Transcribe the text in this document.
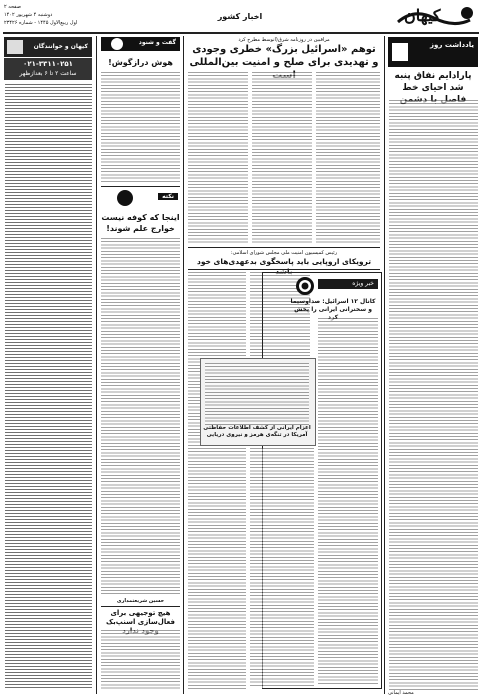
صفحه ۲
دوشنبه ۴ شهریور ۱۴۰۲
اول ربیع‌الاول ۱۴۴۵ - شماره ۲۳۴۲۶
اخبار کشور	کیهان
یادداشت روز
پارادایم نفاق پنبه شد احیای خط
مراقبین در روزنامه شرق(انوسط مطرح کرد
توهم «اسرائیل بزرگ» خطری وجودی
و تهدیدی برای صلح و امنیت بین‌المللی
رئیس کمیسیون امنیت ملی مجلس شورای اسلامی:
ترویکای اروپایی باید پاسخگوی بدعهدی‌های خود
خبر ویژه
کانال ۱۲ اسرائیل: صداوسیما و سخنرانی ایرانی را پخش
اعزام ایرانی از کشف اطلاعات حفاظتی آمریکا در تنگه‌ی هرمز و نیروی دریایی
گفت و شنود
هوش درازگوش!
نکته
اینجا که کوفه نیست خوارج علم شوند!
حسین شریعتمداری
هیچ توجیهی برای فعال‌سازی اسنپ‌بک
کیهان و خوانندگان
۰۲۱-۳۳۱۱۰۲۵۱
ساعت ۲ تا ۶ بعدازظهر
محمد ایمانی
